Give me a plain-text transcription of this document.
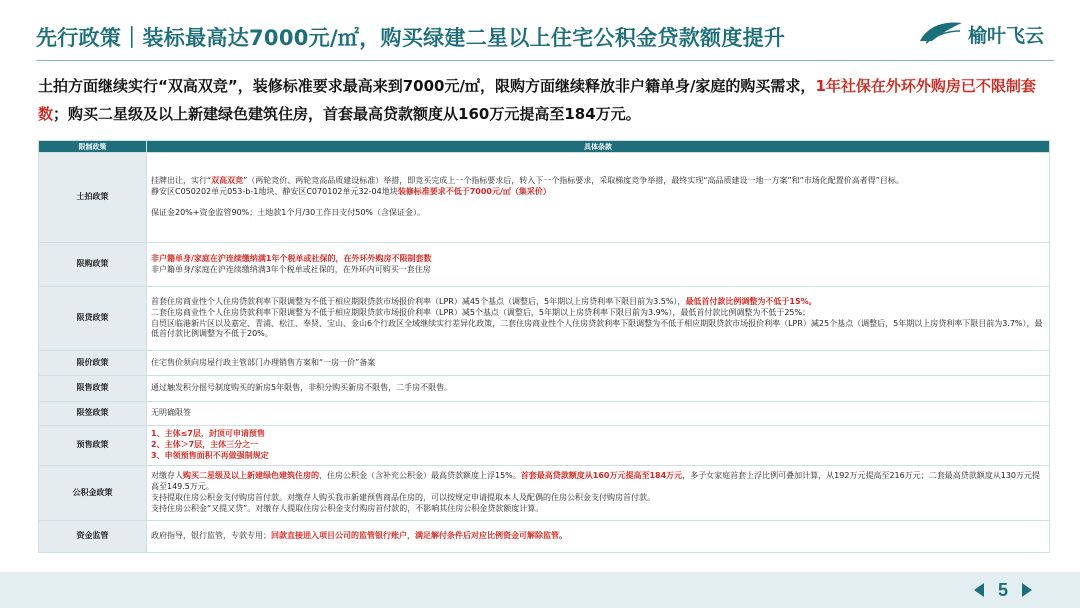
先行政策｜装标最高达7000元/㎡，购买绿建二星以上住宅公积金贷款额度提升	榆叶飞云
土拍方面继续实行“双高双竞”，装修标准要求最高来到7000元/㎡，限购方面继续释放非户籍单身/家庭的购买需求，1年社保在外环外购房已不限制套数；购买二星级及以上新建绿色建筑住房，首套最高贷款额度从160万元提高至184万元。
限制政策	具体条款
土拍政策	挂牌出让，实行“双高双竞”（两轮竞价、两轮竞高品质建设标准）举措，即竞买完成上一个指标要求后，转入下一个指标要求，采取梯度竞争举措，最终实现“高品质建设一地一方案”和“市场化配置价高者得”目标。
静安区C050202单元053-b-1地块、静安区C070102单元32-04地块装修标准要求不低于7000元/㎡（集采价）
保证金20%+资金监管90%；土地款1个月/30工作日支付50%（含保证金）。

限购政策	非户籍单身/家庭在沪连续缴纳满1年个税单或社保的，在外环外购房不限制套数
非户籍单身/家庭在沪连续缴纳满3年个税单或社保的，在外环内可购买一套住房

限贷政策	首套住房商业性个人住房贷款利率下限调整为不低于相应期限贷款市场报价利率（LPR）减45个基点（调整后，5年期以上房贷利率下限目前为3.5%），最低首付款比例调整为不低于15%。
二套住房商业性个人住房贷款利率下限调整为不低于相应期限贷款市场报价利率（LPR）减5个基点（调整后，5年期以上房贷利率下限目前为3.9%），最低首付款比例调整为不低于25%；
自贸区临港新片区以及嘉定、青浦、松江、奉贤、宝山、金山6个行政区全域继续实行差异化政策，二套住房商业性个人住房贷款利率下限调整为不低于相应期限贷款市场报价利率（LPR）减25个基点（调整后，5年期以上房贷利率下限目前为3.7%），最低首付款比例调整为不低于20%。

限价政策	住宅售价须向房屋行政主管部门办理销售方案和“一房一价”备案
限售政策	通过触发积分摇号制度购买的新房5年限售，非积分购买新房不限售，二手房不限售。
限签政策	无明确限签
预售政策	1、主体≤7层，封顶可申请预售
2、主体＞7层，主体三分之一
3、申领预售面积不再做强制规定

公积金政策	对缴存人购买二星级及以上新建绿色建筑住房的，住房公积金（含补充公积金）最高贷款额度上浮15%。首套最高贷款额度从160万元提高至184万元，多子女家庭首套上浮比例可叠加计算，从192万元提高至216万元；二套最高贷款额度从130万元提高至149.5万元。
支持提取住房公积金支付购房首付款。对缴存人购买我市新建预售商品住房的，可以按规定申请提取本人及配偶的住房公积金支付购房首付款。
支持住房公积金“又提又贷”。对缴存人提取住房公积金支付购房首付款的，不影响其住房公积金贷款额度计算。

资金监管	政府指导，银行监管，专款专用；回款直接进入项目公司的监管银行账户，满足解付条件后对应比例资金可解除监管。
5
